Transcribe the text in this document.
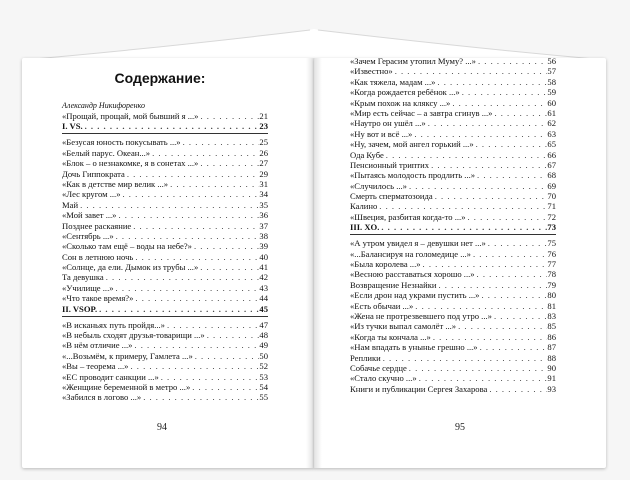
Содержание:
Александр Никифоренко
«Прощай, прощай, мой бывший я ...» . . .	21
I. VS. . . .	23
«Безусая юность покусывать ...» . . .	25
«Белый парус. Океан...» . . .	26
«Блок – о незнакомке, я в сонетах ...» . . .	27
Дочь Гиппократа . . .	29
«Как в детстве мир велик ...» . . .	31
«Лес кругом ...» . . .	34
Май . . .	35
«Мой завет ...» . . .	36
Позднее раскаяние . . .	37
«Сентябрь ...» . . .	38
«Сколько там ещё – воды на небе?» . . .	39
Сон в летнюю ночь . . .	40
«Солнце, да ели. Дымок из трубы ...» . . .	41
Та девушка . . .	42
«Училище ...» . . .	43
«Что такое время?» . . .	44
II. VSOP. . . .	45
«В исканьях путь пройдя...» . . .	47
«В небыль сходят друзья-товарищи ...» . . .	48
«В нём отличие ...» . . .	49
«...Возьмём, к примеру, Гамлета ...» . . .	50
«Вы – теорема ...» . . .	52
«ЕС проводит санкции ...» . . .	53
«Женщине беременной в метро ...» . . .	54
«Забился в логово ...» . . .	55
«Зачем Герасим утопил Муму? ...» . . .	56
«Известно» . . .	57
«Как тяжела, мадам ...» . . .	58
«Когда рождается ребёнок ...» . . .	59
«Крым похож на кляксу ...» . . .	60
«Мир есть сейчас – а завтра сгинув ...» . . .	61
«Наутро он ушёл ...» . . .	62
«Ну вот и всё ...» . . .	63
«Ну, зачем, мой ангел горький ...» . . .	65
Ода Кубе . . .	66
Пенсионный триптих . . .	67
«Пытаясь молодость продлить ...» . . .	68
«Случилось ...» . . .	69
Смерть сперматозоида . . .	70
Калино . . .	71
«Швеция, разбитая когда-то ...» . . .	72
III. XO. . . .	73
«А утром увидел я – девушки нет ...» . . .	75
«...Балансируя на голомедице ...» . . .	76
«Была королева ...» . . .	77
«Весною расставаться хорошо ...» . . .	78
Возвращение Незнайки . . .	79
«Если дрон над укрaми пустить ...» . . .	80
«Есть обычаи ...» . . .	81
«Жена не протрезвевшего под утро ...» . . .	83
«Из тучки выпал самолёт ...» . . .	85
«Когда ты кончала ...» . . .	86
«Нам впадать в унынье грешно ...» . . .	87
Реплики . . .	88
Собачье сердце . . .	90
«Стало скучно ...» . . .	91
Книги и публикации Сергея Захарова . . .	93
94	95
